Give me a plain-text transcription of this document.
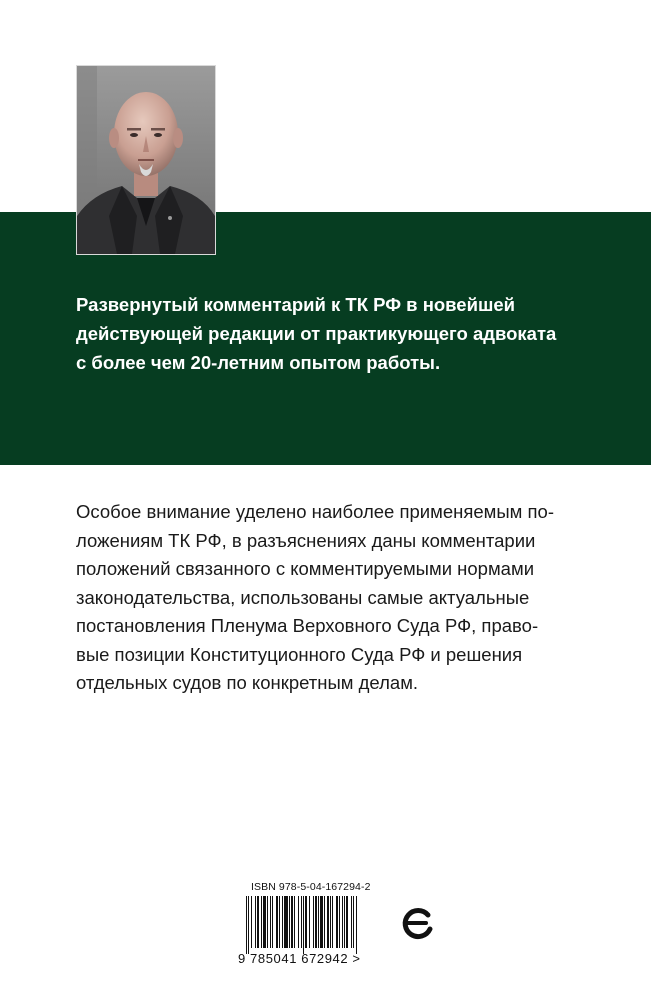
Развернутый комментарий к ТК РФ в новейшей
действующей редакции от практикующего адвоката
с более чем 20-летним опытом работы.
Особое внимание уделено наиболее применяемым по-
ложениям ТК РФ, в разъяснениях даны комментарии
положений связанного с комментируемыми нормами
законодательства, использованы самые актуальные
постановления Пленума Верховного Суда РФ, право-
вые позиции Конституционного Суда РФ и решения
отдельных судов по конкретным делам.
ISBN 978-5-04-167294-2
9 785041 672942 >
